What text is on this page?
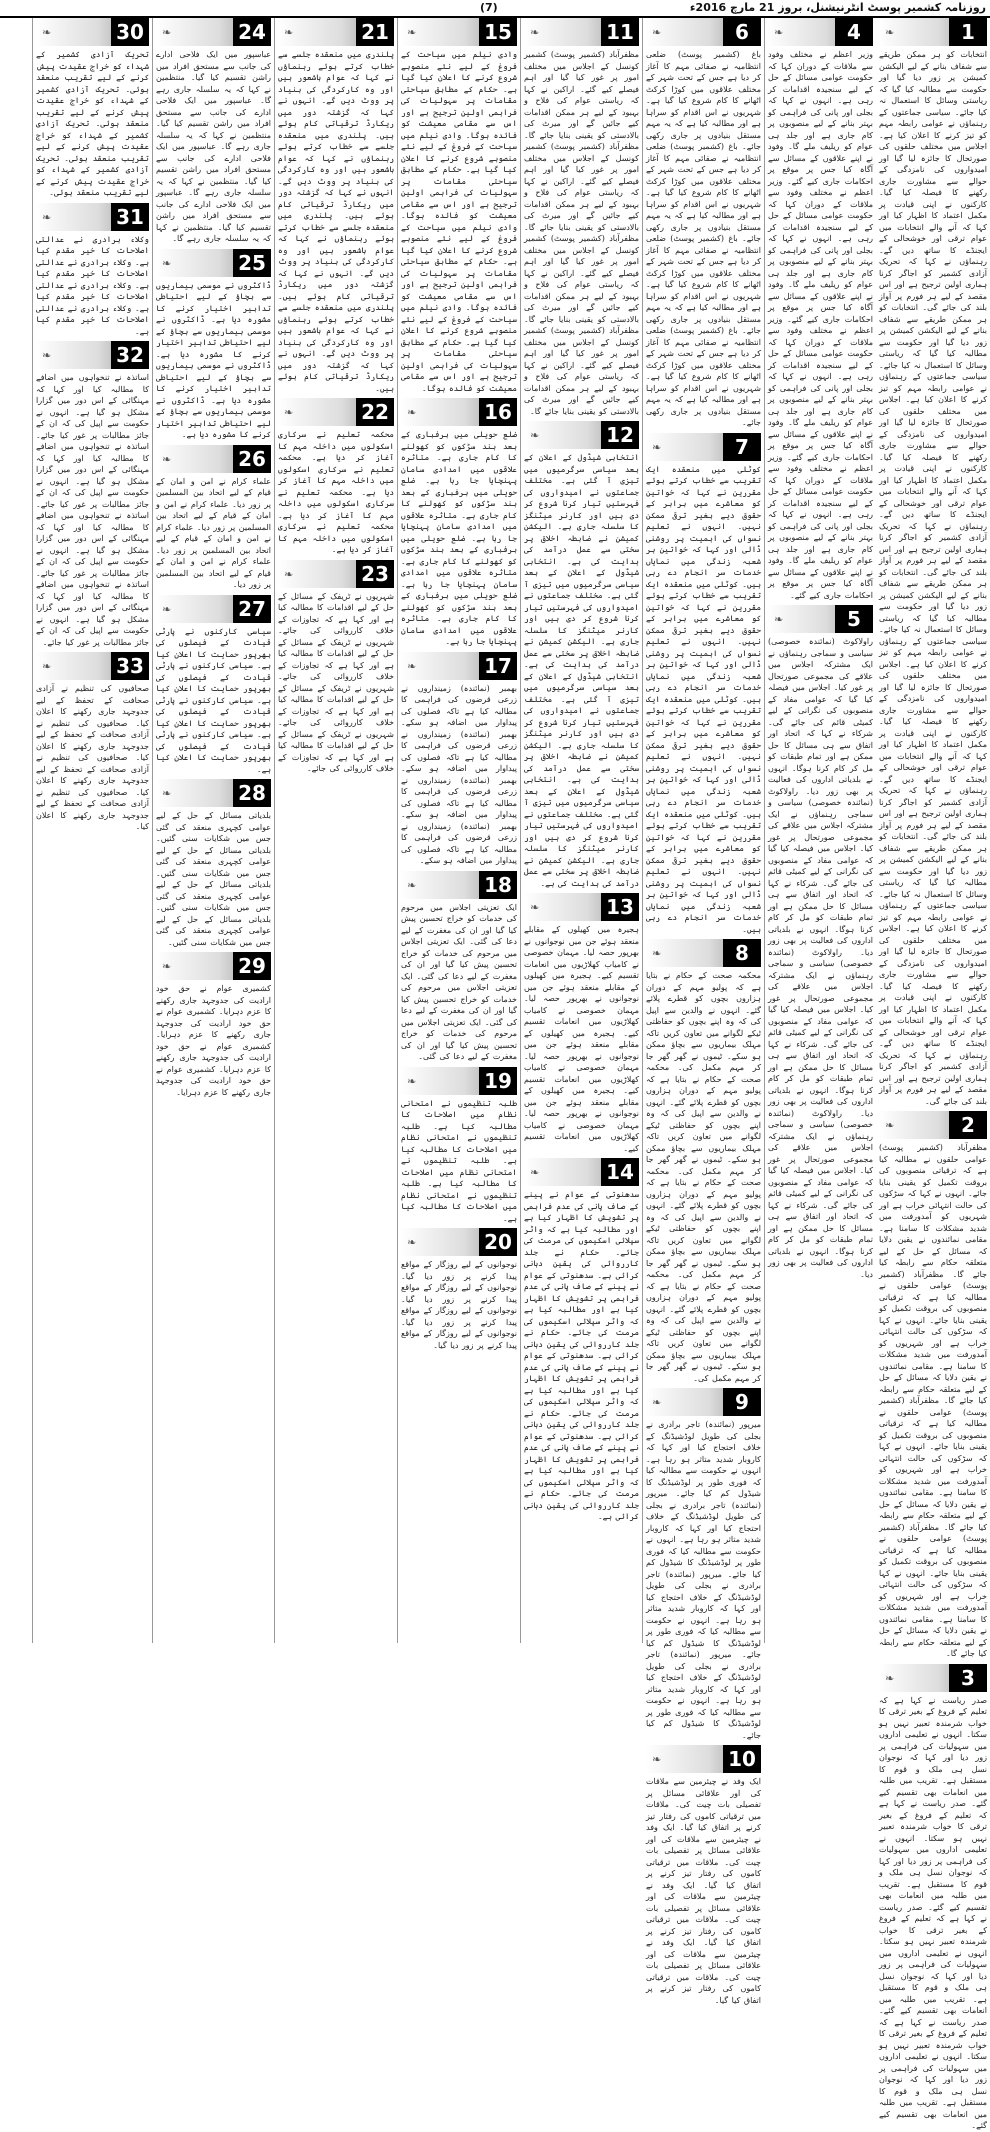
(7)	روزنامہ کشمیر پوسٹ انٹرنیشنل، بروز 21 مارچ 2016ء
1
❧
انتخابات کو ہر ممکن طریقے سے شفاف بنانے کے لیے الیکشن کمیشن پر زور دیا گیا اور حکومت سے مطالبہ کیا گیا کہ ریاستی وسائل کا استعمال نہ کیا جائے۔ سیاسی جماعتوں کے رہنماؤں نے عوامی رابطہ مہم کو تیز کرنے کا اعلان کیا ہے۔ اجلاس میں مختلف حلقوں کی صورتحال کا جائزہ لیا گیا اور امیدواروں کی نامزدگی کے حوالے سے مشاورت جاری رکھنے کا فیصلہ کیا گیا۔ کارکنوں نے اپنی قیادت پر مکمل اعتماد کا اظہار کیا اور کہا کہ آنے والے انتخابات میں عوام ترقی اور خوشحالی کے ایجنڈے کا ساتھ دیں گے۔ رہنماؤں نے کہا کہ تحریک آزادی کشمیر کو اجاگر کرنا ہماری اولین ترجیح ہے اور اس مقصد کے لیے ہر فورم پر آواز بلند کی جائے گی۔ انتخابات کو ہر ممکن طریقے سے شفاف بنانے کے لیے الیکشن کمیشن پر زور دیا گیا اور حکومت سے مطالبہ کیا گیا کہ ریاستی وسائل کا استعمال نہ کیا جائے۔ سیاسی جماعتوں کے رہنماؤں نے عوامی رابطہ مہم کو تیز کرنے کا اعلان کیا ہے۔ اجلاس میں مختلف حلقوں کی صورتحال کا جائزہ لیا گیا اور امیدواروں کی نامزدگی کے حوالے سے مشاورت جاری رکھنے کا فیصلہ کیا گیا۔ کارکنوں نے اپنی قیادت پر مکمل اعتماد کا اظہار کیا اور کہا کہ آنے والے انتخابات میں عوام ترقی اور خوشحالی کے ایجنڈے کا ساتھ دیں گے۔ رہنماؤں نے کہا کہ تحریک آزادی کشمیر کو اجاگر کرنا ہماری اولین ترجیح ہے اور اس مقصد کے لیے ہر فورم پر آواز بلند کی جائے گی۔ انتخابات کو ہر ممکن طریقے سے شفاف بنانے کے لیے الیکشن کمیشن پر زور دیا گیا اور حکومت سے مطالبہ کیا گیا کہ ریاستی وسائل کا استعمال نہ کیا جائے۔ سیاسی جماعتوں کے رہنماؤں نے عوامی رابطہ مہم کو تیز کرنے کا اعلان کیا ہے۔ اجلاس میں مختلف حلقوں کی صورتحال کا جائزہ لیا گیا اور امیدواروں کی نامزدگی کے حوالے سے مشاورت جاری رکھنے کا فیصلہ کیا گیا۔ کارکنوں نے اپنی قیادت پر مکمل اعتماد کا اظہار کیا اور کہا کہ آنے والے انتخابات میں عوام ترقی اور خوشحالی کے ایجنڈے کا ساتھ دیں گے۔ رہنماؤں نے کہا کہ تحریک آزادی کشمیر کو اجاگر کرنا ہماری اولین ترجیح ہے اور اس مقصد کے لیے ہر فورم پر آواز بلند کی جائے گی۔ انتخابات کو ہر ممکن طریقے سے شفاف بنانے کے لیے الیکشن کمیشن پر زور دیا گیا اور حکومت سے مطالبہ کیا گیا کہ ریاستی وسائل کا استعمال نہ کیا جائے۔ سیاسی جماعتوں کے رہنماؤں نے عوامی رابطہ مہم کو تیز کرنے کا اعلان کیا ہے۔ اجلاس میں مختلف حلقوں کی صورتحال کا جائزہ لیا گیا اور امیدواروں کی نامزدگی کے حوالے سے مشاورت جاری رکھنے کا فیصلہ کیا گیا۔ کارکنوں نے اپنی قیادت پر مکمل اعتماد کا اظہار کیا اور کہا کہ آنے والے انتخابات میں عوام ترقی اور خوشحالی کے ایجنڈے کا ساتھ دیں گے۔ رہنماؤں نے کہا کہ تحریک آزادی کشمیر کو اجاگر کرنا ہماری اولین ترجیح ہے اور اس مقصد کے لیے ہر فورم پر آواز بلند کی جائے گی۔
2
❧
مظفرآباد (کشمیر پوسٹ) عوامی حلقوں نے مطالبہ کیا ہے کہ ترقیاتی منصوبوں کی بروقت تکمیل کو یقینی بنایا جائے۔ انہوں نے کہا کہ سڑکوں کی حالت انتہائی خراب ہے اور شہریوں کو آمدورفت میں شدید مشکلات کا سامنا ہے۔ مقامی نمائندوں نے یقین دلایا کہ مسائل کے حل کے لیے متعلقہ حکام سے رابطہ کیا جائے گا۔ مظفرآباد (کشمیر پوسٹ) عوامی حلقوں نے مطالبہ کیا ہے کہ ترقیاتی منصوبوں کی بروقت تکمیل کو یقینی بنایا جائے۔ انہوں نے کہا کہ سڑکوں کی حالت انتہائی خراب ہے اور شہریوں کو آمدورفت میں شدید مشکلات کا سامنا ہے۔ مقامی نمائندوں نے یقین دلایا کہ مسائل کے حل کے لیے متعلقہ حکام سے رابطہ کیا جائے گا۔ مظفرآباد (کشمیر پوسٹ) عوامی حلقوں نے مطالبہ کیا ہے کہ ترقیاتی منصوبوں کی بروقت تکمیل کو یقینی بنایا جائے۔ انہوں نے کہا کہ سڑکوں کی حالت انتہائی خراب ہے اور شہریوں کو آمدورفت میں شدید مشکلات کا سامنا ہے۔ مقامی نمائندوں نے یقین دلایا کہ مسائل کے حل کے لیے متعلقہ حکام سے رابطہ کیا جائے گا۔ مظفرآباد (کشمیر پوسٹ) عوامی حلقوں نے مطالبہ کیا ہے کہ ترقیاتی منصوبوں کی بروقت تکمیل کو یقینی بنایا جائے۔ انہوں نے کہا کہ سڑکوں کی حالت انتہائی خراب ہے اور شہریوں کو آمدورفت میں شدید مشکلات کا سامنا ہے۔ مقامی نمائندوں نے یقین دلایا کہ مسائل کے حل کے لیے متعلقہ حکام سے رابطہ کیا جائے گا۔
3
❧
صدر ریاست نے کہا ہے کہ تعلیم کے فروغ کے بغیر ترقی کا خواب شرمندہ تعبیر نہیں ہو سکتا۔ انہوں نے تعلیمی اداروں میں سہولیات کی فراہمی پر زور دیا اور کہا کہ نوجوان نسل ہی ملک و قوم کا مستقبل ہے۔ تقریب میں طلبہ میں انعامات بھی تقسیم کیے گئے۔ صدر ریاست نے کہا ہے کہ تعلیم کے فروغ کے بغیر ترقی کا خواب شرمندہ تعبیر نہیں ہو سکتا۔ انہوں نے تعلیمی اداروں میں سہولیات کی فراہمی پر زور دیا اور کہا کہ نوجوان نسل ہی ملک و قوم کا مستقبل ہے۔ تقریب میں طلبہ میں انعامات بھی تقسیم کیے گئے۔ صدر ریاست نے کہا ہے کہ تعلیم کے فروغ کے بغیر ترقی کا خواب شرمندہ تعبیر نہیں ہو سکتا۔ انہوں نے تعلیمی اداروں میں سہولیات کی فراہمی پر زور دیا اور کہا کہ نوجوان نسل ہی ملک و قوم کا مستقبل ہے۔ تقریب میں طلبہ میں انعامات بھی تقسیم کیے گئے۔ صدر ریاست نے کہا ہے کہ تعلیم کے فروغ کے بغیر ترقی کا خواب شرمندہ تعبیر نہیں ہو سکتا۔ انہوں نے تعلیمی اداروں میں سہولیات کی فراہمی پر زور دیا اور کہا کہ نوجوان نسل ہی ملک و قوم کا مستقبل ہے۔ تقریب میں طلبہ میں انعامات بھی تقسیم کیے گئے۔
4
❧
وزیر اعظم نے مختلف وفود سے ملاقات کے دوران کہا کہ حکومت عوامی مسائل کے حل کے لیے سنجیدہ اقدامات کر رہی ہے۔ انہوں نے کہا کہ بجلی اور پانی کی فراہمی کو بہتر بنانے کے لیے منصوبوں پر کام جاری ہے اور جلد ہی عوام کو ریلیف ملے گا۔ وفود نے اپنے علاقوں کے مسائل سے آگاہ کیا جس پر موقع پر احکامات جاری کیے گئے۔ وزیر اعظم نے مختلف وفود سے ملاقات کے دوران کہا کہ حکومت عوامی مسائل کے حل کے لیے سنجیدہ اقدامات کر رہی ہے۔ انہوں نے کہا کہ بجلی اور پانی کی فراہمی کو بہتر بنانے کے لیے منصوبوں پر کام جاری ہے اور جلد ہی عوام کو ریلیف ملے گا۔ وفود نے اپنے علاقوں کے مسائل سے آگاہ کیا جس پر موقع پر احکامات جاری کیے گئے۔ وزیر اعظم نے مختلف وفود سے ملاقات کے دوران کہا کہ حکومت عوامی مسائل کے حل کے لیے سنجیدہ اقدامات کر رہی ہے۔ انہوں نے کہا کہ بجلی اور پانی کی فراہمی کو بہتر بنانے کے لیے منصوبوں پر کام جاری ہے اور جلد ہی عوام کو ریلیف ملے گا۔ وفود نے اپنے علاقوں کے مسائل سے آگاہ کیا جس پر موقع پر احکامات جاری کیے گئے۔ وزیر اعظم نے مختلف وفود سے ملاقات کے دوران کہا کہ حکومت عوامی مسائل کے حل کے لیے سنجیدہ اقدامات کر رہی ہے۔ انہوں نے کہا کہ بجلی اور پانی کی فراہمی کو بہتر بنانے کے لیے منصوبوں پر کام جاری ہے اور جلد ہی عوام کو ریلیف ملے گا۔ وفود نے اپنے علاقوں کے مسائل سے آگاہ کیا جس پر موقع پر احکامات جاری کیے گئے۔
5
❧
راولاکوٹ (نمائندہ خصوصی) سیاسی و سماجی رہنماؤں نے ایک مشترکہ اجلاس میں علاقے کی مجموعی صورتحال پر غور کیا۔ اجلاس میں فیصلہ کیا گیا کہ عوامی مفاد کے منصوبوں کی نگرانی کے لیے کمیٹی قائم کی جائے گی۔ شرکاء نے کہا کہ اتحاد اور اتفاق سے ہی مسائل کا حل ممکن ہے اور تمام طبقات کو مل کر کام کرنا ہوگا۔ انہوں نے بلدیاتی اداروں کی فعالیت پر بھی زور دیا۔ راولاکوٹ (نمائندہ خصوصی) سیاسی و سماجی رہنماؤں نے ایک مشترکہ اجلاس میں علاقے کی مجموعی صورتحال پر غور کیا۔ اجلاس میں فیصلہ کیا گیا کہ عوامی مفاد کے منصوبوں کی نگرانی کے لیے کمیٹی قائم کی جائے گی۔ شرکاء نے کہا کہ اتحاد اور اتفاق سے ہی مسائل کا حل ممکن ہے اور تمام طبقات کو مل کر کام کرنا ہوگا۔ انہوں نے بلدیاتی اداروں کی فعالیت پر بھی زور دیا۔ راولاکوٹ (نمائندہ خصوصی) سیاسی و سماجی رہنماؤں نے ایک مشترکہ اجلاس میں علاقے کی مجموعی صورتحال پر غور کیا۔ اجلاس میں فیصلہ کیا گیا کہ عوامی مفاد کے منصوبوں کی نگرانی کے لیے کمیٹی قائم کی جائے گی۔ شرکاء نے کہا کہ اتحاد اور اتفاق سے ہی مسائل کا حل ممکن ہے اور تمام طبقات کو مل کر کام کرنا ہوگا۔ انہوں نے بلدیاتی اداروں کی فعالیت پر بھی زور دیا۔ راولاکوٹ (نمائندہ خصوصی) سیاسی و سماجی رہنماؤں نے ایک مشترکہ اجلاس میں علاقے کی مجموعی صورتحال پر غور کیا۔ اجلاس میں فیصلہ کیا گیا کہ عوامی مفاد کے منصوبوں کی نگرانی کے لیے کمیٹی قائم کی جائے گی۔ شرکاء نے کہا کہ اتحاد اور اتفاق سے ہی مسائل کا حل ممکن ہے اور تمام طبقات کو مل کر کام کرنا ہوگا۔ انہوں نے بلدیاتی اداروں کی فعالیت پر بھی زور دیا۔
6
❧
باغ (کشمیر پوسٹ) ضلعی انتظامیہ نے صفائی مہم کا آغاز کر دیا ہے جس کے تحت شہر کے مختلف علاقوں میں کوڑا کرکٹ اٹھانے کا کام شروع کیا گیا ہے۔ شہریوں نے اس اقدام کو سراہا ہے اور مطالبہ کیا ہے کہ یہ مہم مستقل بنیادوں پر جاری رکھی جائے۔ باغ (کشمیر پوسٹ) ضلعی انتظامیہ نے صفائی مہم کا آغاز کر دیا ہے جس کے تحت شہر کے مختلف علاقوں میں کوڑا کرکٹ اٹھانے کا کام شروع کیا گیا ہے۔ شہریوں نے اس اقدام کو سراہا ہے اور مطالبہ کیا ہے کہ یہ مہم مستقل بنیادوں پر جاری رکھی جائے۔ باغ (کشمیر پوسٹ) ضلعی انتظامیہ نے صفائی مہم کا آغاز کر دیا ہے جس کے تحت شہر کے مختلف علاقوں میں کوڑا کرکٹ اٹھانے کا کام شروع کیا گیا ہے۔ شہریوں نے اس اقدام کو سراہا ہے اور مطالبہ کیا ہے کہ یہ مہم مستقل بنیادوں پر جاری رکھی جائے۔ باغ (کشمیر پوسٹ) ضلعی انتظامیہ نے صفائی مہم کا آغاز کر دیا ہے جس کے تحت شہر کے مختلف علاقوں میں کوڑا کرکٹ اٹھانے کا کام شروع کیا گیا ہے۔ شہریوں نے اس اقدام کو سراہا ہے اور مطالبہ کیا ہے کہ یہ مہم مستقل بنیادوں پر جاری رکھی جائے۔
7
❧
کوٹلی میں منعقدہ ایک تقریب سے خطاب کرتے ہوئے مقررین نے کہا کہ خواتین کو معاشرے میں برابر کے حقوق دیے بغیر ترقی ممکن نہیں۔ انہوں نے تعلیم نسواں کی اہمیت پر روشنی ڈالی اور کہا کہ خواتین ہر شعبہ زندگی میں نمایاں خدمات سر انجام دے رہی ہیں۔ کوٹلی میں منعقدہ ایک تقریب سے خطاب کرتے ہوئے مقررین نے کہا کہ خواتین کو معاشرے میں برابر کے حقوق دیے بغیر ترقی ممکن نہیں۔ انہوں نے تعلیم نسواں کی اہمیت پر روشنی ڈالی اور کہا کہ خواتین ہر شعبہ زندگی میں نمایاں خدمات سر انجام دے رہی ہیں۔ کوٹلی میں منعقدہ ایک تقریب سے خطاب کرتے ہوئے مقررین نے کہا کہ خواتین کو معاشرے میں برابر کے حقوق دیے بغیر ترقی ممکن نہیں۔ انہوں نے تعلیم نسواں کی اہمیت پر روشنی ڈالی اور کہا کہ خواتین ہر شعبہ زندگی میں نمایاں خدمات سر انجام دے رہی ہیں۔ کوٹلی میں منعقدہ ایک تقریب سے خطاب کرتے ہوئے مقررین نے کہا کہ خواتین کو معاشرے میں برابر کے حقوق دیے بغیر ترقی ممکن نہیں۔ انہوں نے تعلیم نسواں کی اہمیت پر روشنی ڈالی اور کہا کہ خواتین ہر شعبہ زندگی میں نمایاں خدمات سر انجام دے رہی ہیں۔
8
❧
محکمہ صحت کے حکام نے بتایا ہے کہ پولیو مہم کے دوران ہزاروں بچوں کو قطرے پلائے گئے۔ انہوں نے والدین سے اپیل کی کہ وہ اپنے بچوں کو حفاظتی ٹیکے لگوانے میں تعاون کریں تاکہ مہلک بیماریوں سے بچاؤ ممکن ہو سکے۔ ٹیموں نے گھر گھر جا کر مہم مکمل کی۔ محکمہ صحت کے حکام نے بتایا ہے کہ پولیو مہم کے دوران ہزاروں بچوں کو قطرے پلائے گئے۔ انہوں نے والدین سے اپیل کی کہ وہ اپنے بچوں کو حفاظتی ٹیکے لگوانے میں تعاون کریں تاکہ مہلک بیماریوں سے بچاؤ ممکن ہو سکے۔ ٹیموں نے گھر گھر جا کر مہم مکمل کی۔ محکمہ صحت کے حکام نے بتایا ہے کہ پولیو مہم کے دوران ہزاروں بچوں کو قطرے پلائے گئے۔ انہوں نے والدین سے اپیل کی کہ وہ اپنے بچوں کو حفاظتی ٹیکے لگوانے میں تعاون کریں تاکہ مہلک بیماریوں سے بچاؤ ممکن ہو سکے۔ ٹیموں نے گھر گھر جا کر مہم مکمل کی۔ محکمہ صحت کے حکام نے بتایا ہے کہ پولیو مہم کے دوران ہزاروں بچوں کو قطرے پلائے گئے۔ انہوں نے والدین سے اپیل کی کہ وہ اپنے بچوں کو حفاظتی ٹیکے لگوانے میں تعاون کریں تاکہ مہلک بیماریوں سے بچاؤ ممکن ہو سکے۔ ٹیموں نے گھر گھر جا کر مہم مکمل کی۔
9
❧
میرپور (نمائندہ) تاجر برادری نے بجلی کی طویل لوڈشیڈنگ کے خلاف احتجاج کیا اور کہا کہ کاروبار شدید متاثر ہو رہا ہے۔ انہوں نے حکومت سے مطالبہ کیا کہ فوری طور پر لوڈشیڈنگ کا شیڈول کم کیا جائے۔ میرپور (نمائندہ) تاجر برادری نے بجلی کی طویل لوڈشیڈنگ کے خلاف احتجاج کیا اور کہا کہ کاروبار شدید متاثر ہو رہا ہے۔ انہوں نے حکومت سے مطالبہ کیا کہ فوری طور پر لوڈشیڈنگ کا شیڈول کم کیا جائے۔ میرپور (نمائندہ) تاجر برادری نے بجلی کی طویل لوڈشیڈنگ کے خلاف احتجاج کیا اور کہا کہ کاروبار شدید متاثر ہو رہا ہے۔ انہوں نے حکومت سے مطالبہ کیا کہ فوری طور پر لوڈشیڈنگ کا شیڈول کم کیا جائے۔ میرپور (نمائندہ) تاجر برادری نے بجلی کی طویل لوڈشیڈنگ کے خلاف احتجاج کیا اور کہا کہ کاروبار شدید متاثر ہو رہا ہے۔ انہوں نے حکومت سے مطالبہ کیا کہ فوری طور پر لوڈشیڈنگ کا شیڈول کم کیا جائے۔
10
❧
ایک وفد نے چیئرمین سے ملاقات کی اور علاقائی مسائل پر تفصیلی بات چیت کی۔ ملاقات میں ترقیاتی کاموں کی رفتار تیز کرنے پر اتفاق کیا گیا۔ ایک وفد نے چیئرمین سے ملاقات کی اور علاقائی مسائل پر تفصیلی بات چیت کی۔ ملاقات میں ترقیاتی کاموں کی رفتار تیز کرنے پر اتفاق کیا گیا۔ ایک وفد نے چیئرمین سے ملاقات کی اور علاقائی مسائل پر تفصیلی بات چیت کی۔ ملاقات میں ترقیاتی کاموں کی رفتار تیز کرنے پر اتفاق کیا گیا۔ ایک وفد نے چیئرمین سے ملاقات کی اور علاقائی مسائل پر تفصیلی بات چیت کی۔ ملاقات میں ترقیاتی کاموں کی رفتار تیز کرنے پر اتفاق کیا گیا۔
11
❧
مظفرآباد (کشمیر پوسٹ) کشمیر کونسل کے اجلاس میں مختلف امور پر غور کیا گیا اور اہم فیصلے کیے گئے۔ اراکین نے کہا کہ ریاستی عوام کی فلاح و بہبود کے لیے ہر ممکن اقدامات کیے جائیں گے اور میرٹ کی بالادستی کو یقینی بنایا جائے گا۔ مظفرآباد (کشمیر پوسٹ) کشمیر کونسل کے اجلاس میں مختلف امور پر غور کیا گیا اور اہم فیصلے کیے گئے۔ اراکین نے کہا کہ ریاستی عوام کی فلاح و بہبود کے لیے ہر ممکن اقدامات کیے جائیں گے اور میرٹ کی بالادستی کو یقینی بنایا جائے گا۔ مظفرآباد (کشمیر پوسٹ) کشمیر کونسل کے اجلاس میں مختلف امور پر غور کیا گیا اور اہم فیصلے کیے گئے۔ اراکین نے کہا کہ ریاستی عوام کی فلاح و بہبود کے لیے ہر ممکن اقدامات کیے جائیں گے اور میرٹ کی بالادستی کو یقینی بنایا جائے گا۔ مظفرآباد (کشمیر پوسٹ) کشمیر کونسل کے اجلاس میں مختلف امور پر غور کیا گیا اور اہم فیصلے کیے گئے۔ اراکین نے کہا کہ ریاستی عوام کی فلاح و بہبود کے لیے ہر ممکن اقدامات کیے جائیں گے اور میرٹ کی بالادستی کو یقینی بنایا جائے گا۔
12
❧
انتخابی شیڈول کے اعلان کے بعد سیاسی سرگرمیوں میں تیزی آ گئی ہے۔ مختلف جماعتوں نے امیدواروں کی فہرستیں تیار کرنا شروع کر دی ہیں اور کارنر میٹنگز کا سلسلہ جاری ہے۔ الیکشن کمیشن نے ضابطہ اخلاق پر سختی سے عمل درآمد کی ہدایت کی ہے۔ انتخابی شیڈول کے اعلان کے بعد سیاسی سرگرمیوں میں تیزی آ گئی ہے۔ مختلف جماعتوں نے امیدواروں کی فہرستیں تیار کرنا شروع کر دی ہیں اور کارنر میٹنگز کا سلسلہ جاری ہے۔ الیکشن کمیشن نے ضابطہ اخلاق پر سختی سے عمل درآمد کی ہدایت کی ہے۔ انتخابی شیڈول کے اعلان کے بعد سیاسی سرگرمیوں میں تیزی آ گئی ہے۔ مختلف جماعتوں نے امیدواروں کی فہرستیں تیار کرنا شروع کر دی ہیں اور کارنر میٹنگز کا سلسلہ جاری ہے۔ الیکشن کمیشن نے ضابطہ اخلاق پر سختی سے عمل درآمد کی ہدایت کی ہے۔ انتخابی شیڈول کے اعلان کے بعد سیاسی سرگرمیوں میں تیزی آ گئی ہے۔ مختلف جماعتوں نے امیدواروں کی فہرستیں تیار کرنا شروع کر دی ہیں اور کارنر میٹنگز کا سلسلہ جاری ہے۔ الیکشن کمیشن نے ضابطہ اخلاق پر سختی سے عمل درآمد کی ہدایت کی ہے۔
13
❧
ہجیرہ میں کھیلوں کے مقابلے منعقد ہوئے جن میں نوجوانوں نے بھرپور حصہ لیا۔ مہمان خصوصی نے کامیاب کھلاڑیوں میں انعامات تقسیم کیے۔ ہجیرہ میں کھیلوں کے مقابلے منعقد ہوئے جن میں نوجوانوں نے بھرپور حصہ لیا۔ مہمان خصوصی نے کامیاب کھلاڑیوں میں انعامات تقسیم کیے۔ ہجیرہ میں کھیلوں کے مقابلے منعقد ہوئے جن میں نوجوانوں نے بھرپور حصہ لیا۔ مہمان خصوصی نے کامیاب کھلاڑیوں میں انعامات تقسیم کیے۔ ہجیرہ میں کھیلوں کے مقابلے منعقد ہوئے جن میں نوجوانوں نے بھرپور حصہ لیا۔ مہمان خصوصی نے کامیاب کھلاڑیوں میں انعامات تقسیم کیے۔
14
❧
سدھنوتی کے عوام نے پینے کے صاف پانی کی عدم فراہمی پر تشویش کا اظہار کیا ہے اور مطالبہ کیا ہے کہ واٹر سپلائی اسکیموں کی مرمت کی جائے۔ حکام نے جلد کارروائی کی یقین دہانی کرائی ہے۔ سدھنوتی کے عوام نے پینے کے صاف پانی کی عدم فراہمی پر تشویش کا اظہار کیا ہے اور مطالبہ کیا ہے کہ واٹر سپلائی اسکیموں کی مرمت کی جائے۔ حکام نے جلد کارروائی کی یقین دہانی کرائی ہے۔ سدھنوتی کے عوام نے پینے کے صاف پانی کی عدم فراہمی پر تشویش کا اظہار کیا ہے اور مطالبہ کیا ہے کہ واٹر سپلائی اسکیموں کی مرمت کی جائے۔ حکام نے جلد کارروائی کی یقین دہانی کرائی ہے۔ سدھنوتی کے عوام نے پینے کے صاف پانی کی عدم فراہمی پر تشویش کا اظہار کیا ہے اور مطالبہ کیا ہے کہ واٹر سپلائی اسکیموں کی مرمت کی جائے۔ حکام نے جلد کارروائی کی یقین دہانی کرائی ہے۔
15
❧
وادی نیلم میں سیاحت کے فروغ کے لیے نئے منصوبے شروع کرنے کا اعلان کیا گیا ہے۔ حکام کے مطابق سیاحتی مقامات پر سہولیات کی فراہمی اولین ترجیح ہے اور اس سے مقامی معیشت کو فائدہ ہوگا۔ وادی نیلم میں سیاحت کے فروغ کے لیے نئے منصوبے شروع کرنے کا اعلان کیا گیا ہے۔ حکام کے مطابق سیاحتی مقامات پر سہولیات کی فراہمی اولین ترجیح ہے اور اس سے مقامی معیشت کو فائدہ ہوگا۔ وادی نیلم میں سیاحت کے فروغ کے لیے نئے منصوبے شروع کرنے کا اعلان کیا گیا ہے۔ حکام کے مطابق سیاحتی مقامات پر سہولیات کی فراہمی اولین ترجیح ہے اور اس سے مقامی معیشت کو فائدہ ہوگا۔ وادی نیلم میں سیاحت کے فروغ کے لیے نئے منصوبے شروع کرنے کا اعلان کیا گیا ہے۔ حکام کے مطابق سیاحتی مقامات پر سہولیات کی فراہمی اولین ترجیح ہے اور اس سے مقامی معیشت کو فائدہ ہوگا۔
16
❧
ضلع حویلی میں برفباری کے بعد بند سڑکوں کو کھولنے کا کام جاری ہے۔ متاثرہ علاقوں میں امدادی سامان پہنچایا جا رہا ہے۔ ضلع حویلی میں برفباری کے بعد بند سڑکوں کو کھولنے کا کام جاری ہے۔ متاثرہ علاقوں میں امدادی سامان پہنچایا جا رہا ہے۔ ضلع حویلی میں برفباری کے بعد بند سڑکوں کو کھولنے کا کام جاری ہے۔ متاثرہ علاقوں میں امدادی سامان پہنچایا جا رہا ہے۔ ضلع حویلی میں برفباری کے بعد بند سڑکوں کو کھولنے کا کام جاری ہے۔ متاثرہ علاقوں میں امدادی سامان پہنچایا جا رہا ہے۔
17
❧
بھمبر (نمائندہ) زمینداروں نے زرعی قرضوں کی فراہمی کا مطالبہ کیا ہے تاکہ فصلوں کی پیداوار میں اضافہ ہو سکے۔ بھمبر (نمائندہ) زمینداروں نے زرعی قرضوں کی فراہمی کا مطالبہ کیا ہے تاکہ فصلوں کی پیداوار میں اضافہ ہو سکے۔ بھمبر (نمائندہ) زمینداروں نے زرعی قرضوں کی فراہمی کا مطالبہ کیا ہے تاکہ فصلوں کی پیداوار میں اضافہ ہو سکے۔ بھمبر (نمائندہ) زمینداروں نے زرعی قرضوں کی فراہمی کا مطالبہ کیا ہے تاکہ فصلوں کی پیداوار میں اضافہ ہو سکے۔
18
❧
ایک تعزیتی اجلاس میں مرحوم کی خدمات کو خراج تحسین پیش کیا گیا اور ان کی مغفرت کے لیے دعا کی گئی۔ ایک تعزیتی اجلاس میں مرحوم کی خدمات کو خراج تحسین پیش کیا گیا اور ان کی مغفرت کے لیے دعا کی گئی۔ ایک تعزیتی اجلاس میں مرحوم کی خدمات کو خراج تحسین پیش کیا گیا اور ان کی مغفرت کے لیے دعا کی گئی۔ ایک تعزیتی اجلاس میں مرحوم کی خدمات کو خراج تحسین پیش کیا گیا اور ان کی مغفرت کے لیے دعا کی گئی۔
19
❧
طلبہ تنظیموں نے امتحانی نظام میں اصلاحات کا مطالبہ کیا ہے۔ طلبہ تنظیموں نے امتحانی نظام میں اصلاحات کا مطالبہ کیا ہے۔ طلبہ تنظیموں نے امتحانی نظام میں اصلاحات کا مطالبہ کیا ہے۔ طلبہ تنظیموں نے امتحانی نظام میں اصلاحات کا مطالبہ کیا ہے۔
20
❧
نوجوانوں کے لیے روزگار کے مواقع پیدا کرنے پر زور دیا گیا۔ نوجوانوں کے لیے روزگار کے مواقع پیدا کرنے پر زور دیا گیا۔ نوجوانوں کے لیے روزگار کے مواقع پیدا کرنے پر زور دیا گیا۔ نوجوانوں کے لیے روزگار کے مواقع پیدا کرنے پر زور دیا گیا۔
21
❧
پلندری میں منعقدہ جلسے سے خطاب کرتے ہوئے رہنماؤں نے کہا کہ عوام باشعور ہیں اور وہ کارکردگی کی بنیاد پر ووٹ دیں گے۔ انہوں نے کہا کہ گزشتہ دور میں ریکارڈ ترقیاتی کام ہوئے ہیں۔ پلندری میں منعقدہ جلسے سے خطاب کرتے ہوئے رہنماؤں نے کہا کہ عوام باشعور ہیں اور وہ کارکردگی کی بنیاد پر ووٹ دیں گے۔ انہوں نے کہا کہ گزشتہ دور میں ریکارڈ ترقیاتی کام ہوئے ہیں۔ پلندری میں منعقدہ جلسے سے خطاب کرتے ہوئے رہنماؤں نے کہا کہ عوام باشعور ہیں اور وہ کارکردگی کی بنیاد پر ووٹ دیں گے۔ انہوں نے کہا کہ گزشتہ دور میں ریکارڈ ترقیاتی کام ہوئے ہیں۔ پلندری میں منعقدہ جلسے سے خطاب کرتے ہوئے رہنماؤں نے کہا کہ عوام باشعور ہیں اور وہ کارکردگی کی بنیاد پر ووٹ دیں گے۔ انہوں نے کہا کہ گزشتہ دور میں ریکارڈ ترقیاتی کام ہوئے ہیں۔
22
❧
محکمہ تعلیم نے سرکاری اسکولوں میں داخلہ مہم کا آغاز کر دیا ہے۔ محکمہ تعلیم نے سرکاری اسکولوں میں داخلہ مہم کا آغاز کر دیا ہے۔ محکمہ تعلیم نے سرکاری اسکولوں میں داخلہ مہم کا آغاز کر دیا ہے۔ محکمہ تعلیم نے سرکاری اسکولوں میں داخلہ مہم کا آغاز کر دیا ہے۔
23
❧
شہریوں نے ٹریفک کے مسائل کے حل کے لیے اقدامات کا مطالبہ کیا ہے اور کہا ہے کہ تجاوزات کے خلاف کارروائی کی جائے۔ شہریوں نے ٹریفک کے مسائل کے حل کے لیے اقدامات کا مطالبہ کیا ہے اور کہا ہے کہ تجاوزات کے خلاف کارروائی کی جائے۔ شہریوں نے ٹریفک کے مسائل کے حل کے لیے اقدامات کا مطالبہ کیا ہے اور کہا ہے کہ تجاوزات کے خلاف کارروائی کی جائے۔ شہریوں نے ٹریفک کے مسائل کے حل کے لیے اقدامات کا مطالبہ کیا ہے اور کہا ہے کہ تجاوزات کے خلاف کارروائی کی جائے۔
24
❧
عباسپور میں ایک فلاحی ادارے کی جانب سے مستحق افراد میں راشن تقسیم کیا گیا۔ منتظمین نے کہا کہ یہ سلسلہ جاری رہے گا۔ عباسپور میں ایک فلاحی ادارے کی جانب سے مستحق افراد میں راشن تقسیم کیا گیا۔ منتظمین نے کہا کہ یہ سلسلہ جاری رہے گا۔ عباسپور میں ایک فلاحی ادارے کی جانب سے مستحق افراد میں راشن تقسیم کیا گیا۔ منتظمین نے کہا کہ یہ سلسلہ جاری رہے گا۔ عباسپور میں ایک فلاحی ادارے کی جانب سے مستحق افراد میں راشن تقسیم کیا گیا۔ منتظمین نے کہا کہ یہ سلسلہ جاری رہے گا۔
25
❧
ڈاکٹروں نے موسمی بیماریوں سے بچاؤ کے لیے احتیاطی تدابیر اختیار کرنے کا مشورہ دیا ہے۔ ڈاکٹروں نے موسمی بیماریوں سے بچاؤ کے لیے احتیاطی تدابیر اختیار کرنے کا مشورہ دیا ہے۔ ڈاکٹروں نے موسمی بیماریوں سے بچاؤ کے لیے احتیاطی تدابیر اختیار کرنے کا مشورہ دیا ہے۔ ڈاکٹروں نے موسمی بیماریوں سے بچاؤ کے لیے احتیاطی تدابیر اختیار کرنے کا مشورہ دیا ہے۔
26
❧
علماء کرام نے امن و امان کے قیام کے لیے اتحاد بین المسلمین پر زور دیا۔ علماء کرام نے امن و امان کے قیام کے لیے اتحاد بین المسلمین پر زور دیا۔ علماء کرام نے امن و امان کے قیام کے لیے اتحاد بین المسلمین پر زور دیا۔ علماء کرام نے امن و امان کے قیام کے لیے اتحاد بین المسلمین پر زور دیا۔
27
❧
سیاسی کارکنوں نے پارٹی قیادت کے فیصلوں کی بھرپور حمایت کا اعلان کیا ہے۔ سیاسی کارکنوں نے پارٹی قیادت کے فیصلوں کی بھرپور حمایت کا اعلان کیا ہے۔ سیاسی کارکنوں نے پارٹی قیادت کے فیصلوں کی بھرپور حمایت کا اعلان کیا ہے۔ سیاسی کارکنوں نے پارٹی قیادت کے فیصلوں کی بھرپور حمایت کا اعلان کیا ہے۔
28
❧
بلدیاتی مسائل کے حل کے لیے عوامی کچہری منعقد کی گئی جس میں شکایات سنی گئیں۔ بلدیاتی مسائل کے حل کے لیے عوامی کچہری منعقد کی گئی جس میں شکایات سنی گئیں۔ بلدیاتی مسائل کے حل کے لیے عوامی کچہری منعقد کی گئی جس میں شکایات سنی گئیں۔ بلدیاتی مسائل کے حل کے لیے عوامی کچہری منعقد کی گئی جس میں شکایات سنی گئیں۔
29
❧
کشمیری عوام نے حق خود ارادیت کی جدوجہد جاری رکھنے کا عزم دہرایا۔ کشمیری عوام نے حق خود ارادیت کی جدوجہد جاری رکھنے کا عزم دہرایا۔ کشمیری عوام نے حق خود ارادیت کی جدوجہد جاری رکھنے کا عزم دہرایا۔ کشمیری عوام نے حق خود ارادیت کی جدوجہد جاری رکھنے کا عزم دہرایا۔
30
❧
تحریک آزادی کشمیر کے شہداء کو خراج عقیدت پیش کرنے کے لیے تقریب منعقد ہوئی۔ تحریک آزادی کشمیر کے شہداء کو خراج عقیدت پیش کرنے کے لیے تقریب منعقد ہوئی۔ تحریک آزادی کشمیر کے شہداء کو خراج عقیدت پیش کرنے کے لیے تقریب منعقد ہوئی۔ تحریک آزادی کشمیر کے شہداء کو خراج عقیدت پیش کرنے کے لیے تقریب منعقد ہوئی۔
31
❧
وکلاء برادری نے عدالتی اصلاحات کا خیر مقدم کیا ہے۔ وکلاء برادری نے عدالتی اصلاحات کا خیر مقدم کیا ہے۔ وکلاء برادری نے عدالتی اصلاحات کا خیر مقدم کیا ہے۔ وکلاء برادری نے عدالتی اصلاحات کا خیر مقدم کیا ہے۔
32
❧
اساتذہ نے تنخواہوں میں اضافے کا مطالبہ کیا اور کہا کہ مہنگائی کے اس دور میں گزارا مشکل ہو گیا ہے۔ انہوں نے حکومت سے اپیل کی کہ ان کے جائز مطالبات پر غور کیا جائے۔ اساتذہ نے تنخواہوں میں اضافے کا مطالبہ کیا اور کہا کہ مہنگائی کے اس دور میں گزارا مشکل ہو گیا ہے۔ انہوں نے حکومت سے اپیل کی کہ ان کے جائز مطالبات پر غور کیا جائے۔ اساتذہ نے تنخواہوں میں اضافے کا مطالبہ کیا اور کہا کہ مہنگائی کے اس دور میں گزارا مشکل ہو گیا ہے۔ انہوں نے حکومت سے اپیل کی کہ ان کے جائز مطالبات پر غور کیا جائے۔ اساتذہ نے تنخواہوں میں اضافے کا مطالبہ کیا اور کہا کہ مہنگائی کے اس دور میں گزارا مشکل ہو گیا ہے۔ انہوں نے حکومت سے اپیل کی کہ ان کے جائز مطالبات پر غور کیا جائے۔
33
❧
صحافیوں کی تنظیم نے آزادی صحافت کے تحفظ کے لیے جدوجہد جاری رکھنے کا اعلان کیا۔ صحافیوں کی تنظیم نے آزادی صحافت کے تحفظ کے لیے جدوجہد جاری رکھنے کا اعلان کیا۔ صحافیوں کی تنظیم نے آزادی صحافت کے تحفظ کے لیے جدوجہد جاری رکھنے کا اعلان کیا۔ صحافیوں کی تنظیم نے آزادی صحافت کے تحفظ کے لیے جدوجہد جاری رکھنے کا اعلان کیا۔
